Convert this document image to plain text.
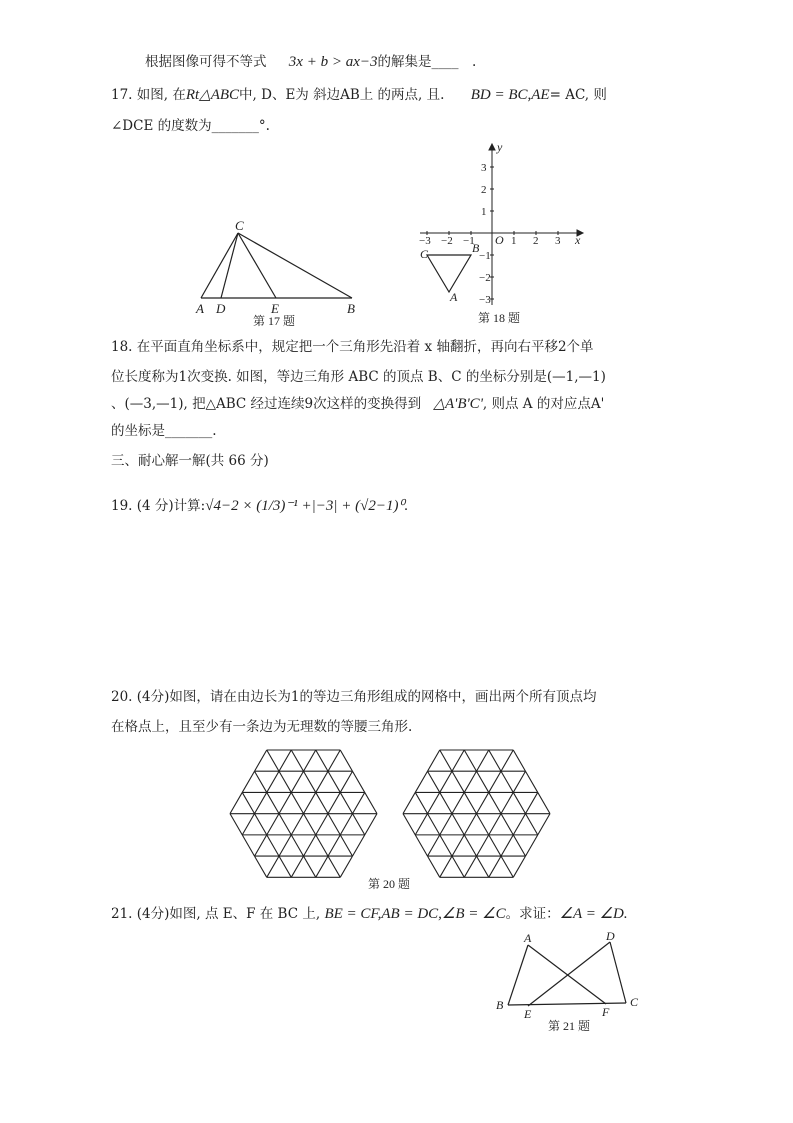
根据图像可得不等式 3x + b > ax−3的解集是____　.
17. 如图, 在Rt△ABC中, D、E为 斜边AB上 的两点, 且. BD = BC,AE= AC, 则
∠DCE 的度数为_______°.
C
A D	E	B
第 17 题
−3 −2 −1	1 2 3
3
2
1
−1
−2
−3
O	x
y
C	B
A
第 18 题
18. 在平面直角坐标系中，规定把一个三角形先沿着 x 轴翻折，再向右平移2个单
位长度称为1次变换. 如图，等边三角形 ABC 的顶点 B、C 的坐标分别是(—1,—1)
、(—3,—1), 把△ABC 经过连续9次这样的变换得到 △A'B'C', 则点 A 的对应点A'
的坐标是_______.
三、耐心解一解(共 66 分)
19. (4 分)计算:√4−2 × (1/3)⁻¹ +|−3| + (√2−1)⁰.
20. (4分)如图，请在由边长为1的等边三角形组成的网格中，画出两个所有顶点均
在格点上，且至少有一条边为无理数的等腰三角形.
第 20 题
21. (4分)如图, 点 E、F 在 BC 上, BE = CF,AB = DC,∠B = ∠C。求证：∠A = ∠D.
A	D
B
E	F
C
第 21 题
